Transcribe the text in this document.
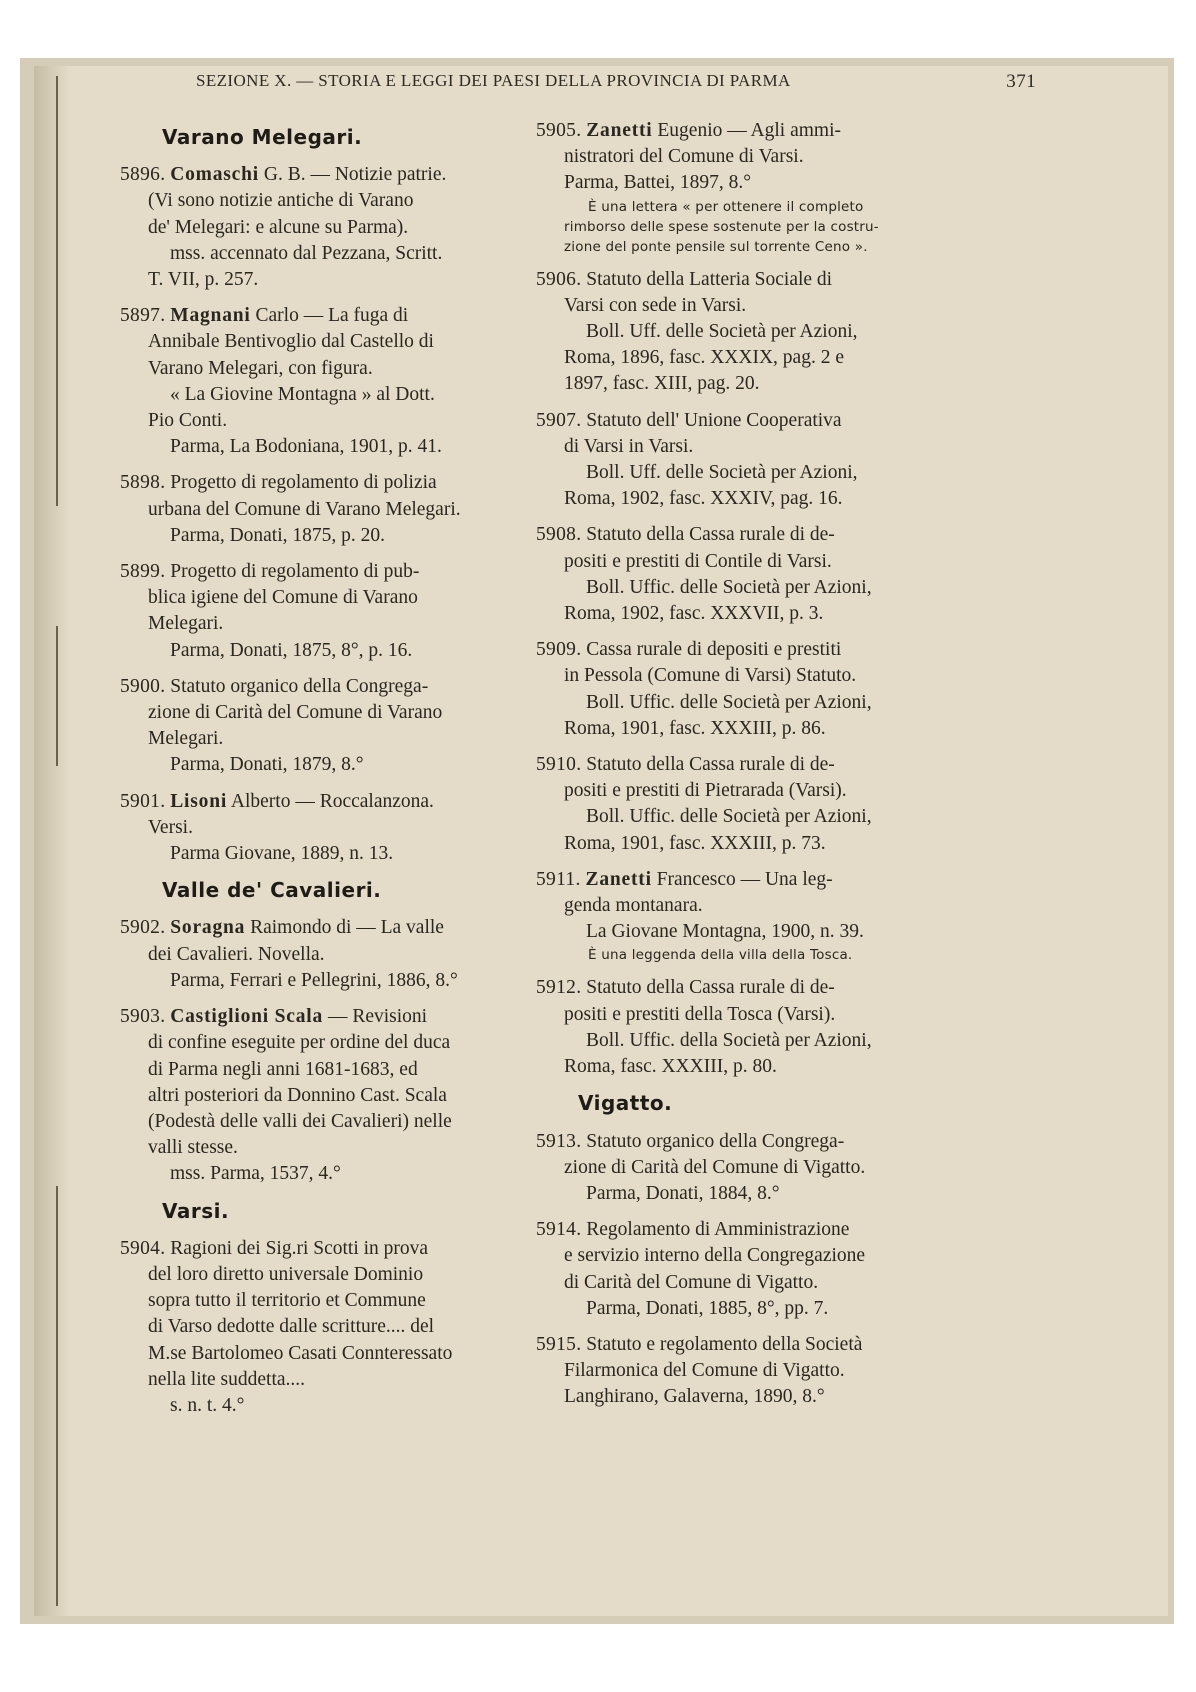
SEZIONE X. — STORIA E LEGGI DEI PAESI DELLA PROVINCIA DI PARMA	371
Varano Melegari.

5896. Comaschi G. B. — Notizie patrie.

(Vi sono notizie antiche di Varano

de' Melegari: e alcune su Parma).

mss. accennato dal Pezzana, Scritt.

T. VII, p. 257.

5897. Magnani Carlo — La fuga di

Annibale Bentivoglio dal Castello di

Varano Melegari, con figura.

« La Giovine Montagna » al Dott.

Pio Conti.

Parma, La Bodoniana, 1901, p. 41.

5898. Progetto di regolamento di polizia

urbana del Comune di Varano Melegari.

Parma, Donati, 1875, p. 20.

5899. Progetto di regolamento di pub-

blica igiene del Comune di Varano

Melegari.

Parma, Donati, 1875, 8°, p. 16.

5900. Statuto organico della Congrega-

zione di Carità del Comune di Varano

Melegari.

Parma, Donati, 1879, 8.°

5901. Lisoni Alberto — Roccalanzona.

Versi.

Parma Giovane, 1889, n. 13.

Valle de' Cavalieri.

5902. Soragna Raimondo di — La valle

dei Cavalieri. Novella.

Parma, Ferrari e Pellegrini, 1886, 8.°

5903. Castiglioni Scala — Revisioni

di confine eseguite per ordine del duca

di Parma negli anni 1681-1683, ed

altri posteriori da Donnino Cast. Scala

(Podestà delle valli dei Cavalieri) nelle

valli stesse.

mss. Parma, 1537, 4.°

Varsi.

5904. Ragioni dei Sig.ri Scotti in prova

del loro diretto universale Dominio

sopra tutto il territorio et Commune

di Varso dedotte dalle scritture.... del

M.se Bartolomeo Casati Connteressato

nella lite suddetta....

s. n. t. 4.°

5905. Zanetti Eugenio — Agli ammi-

nistratori del Comune di Varsi.

Parma, Battei, 1897, 8.°

È una lettera « per ottenere il completo

rimborso delle spese sostenute per la costru-

zione del ponte pensile sul torrente Ceno ».

5906. Statuto della Latteria Sociale di

Varsi con sede in Varsi.

Boll. Uff. delle Società per Azioni,

Roma, 1896, fasc. XXXIX, pag. 2 e

1897, fasc. XIII, pag. 20.

5907. Statuto dell' Unione Cooperativa

di Varsi in Varsi.

Boll. Uff. delle Società per Azioni,

Roma, 1902, fasc. XXXIV, pag. 16.

5908. Statuto della Cassa rurale di de-

positi e prestiti di Contile di Varsi.

Boll. Uffic. delle Società per Azioni,

Roma, 1902, fasc. XXXVII, p. 3.

5909. Cassa rurale di depositi e prestiti

in Pessola (Comune di Varsi) Statuto.

Boll. Uffic. delle Società per Azioni,

Roma, 1901, fasc. XXXIII, p. 86.

5910. Statuto della Cassa rurale di de-

positi e prestiti di Pietrarada (Varsi).

Boll. Uffic. delle Società per Azioni,

Roma, 1901, fasc. XXXIII, p. 73.

5911. Zanetti Francesco — Una leg-

genda montanara.

La Giovane Montagna, 1900, n. 39.

È una leggenda della villa della Tosca.

5912. Statuto della Cassa rurale di de-

positi e prestiti della Tosca (Varsi).

Boll. Uffic. della Società per Azioni,

Roma, fasc. XXXIII, p. 80.

Vigatto.

5913. Statuto organico della Congrega-

zione di Carità del Comune di Vigatto.

Parma, Donati, 1884, 8.°

5914. Regolamento di Amministrazione

e servizio interno della Congregazione

di Carità del Comune di Vigatto.

Parma, Donati, 1885, 8°, pp. 7.

5915. Statuto e regolamento della Società

Filarmonica del Comune di Vigatto.

Langhirano, Galaverna, 1890, 8.°
